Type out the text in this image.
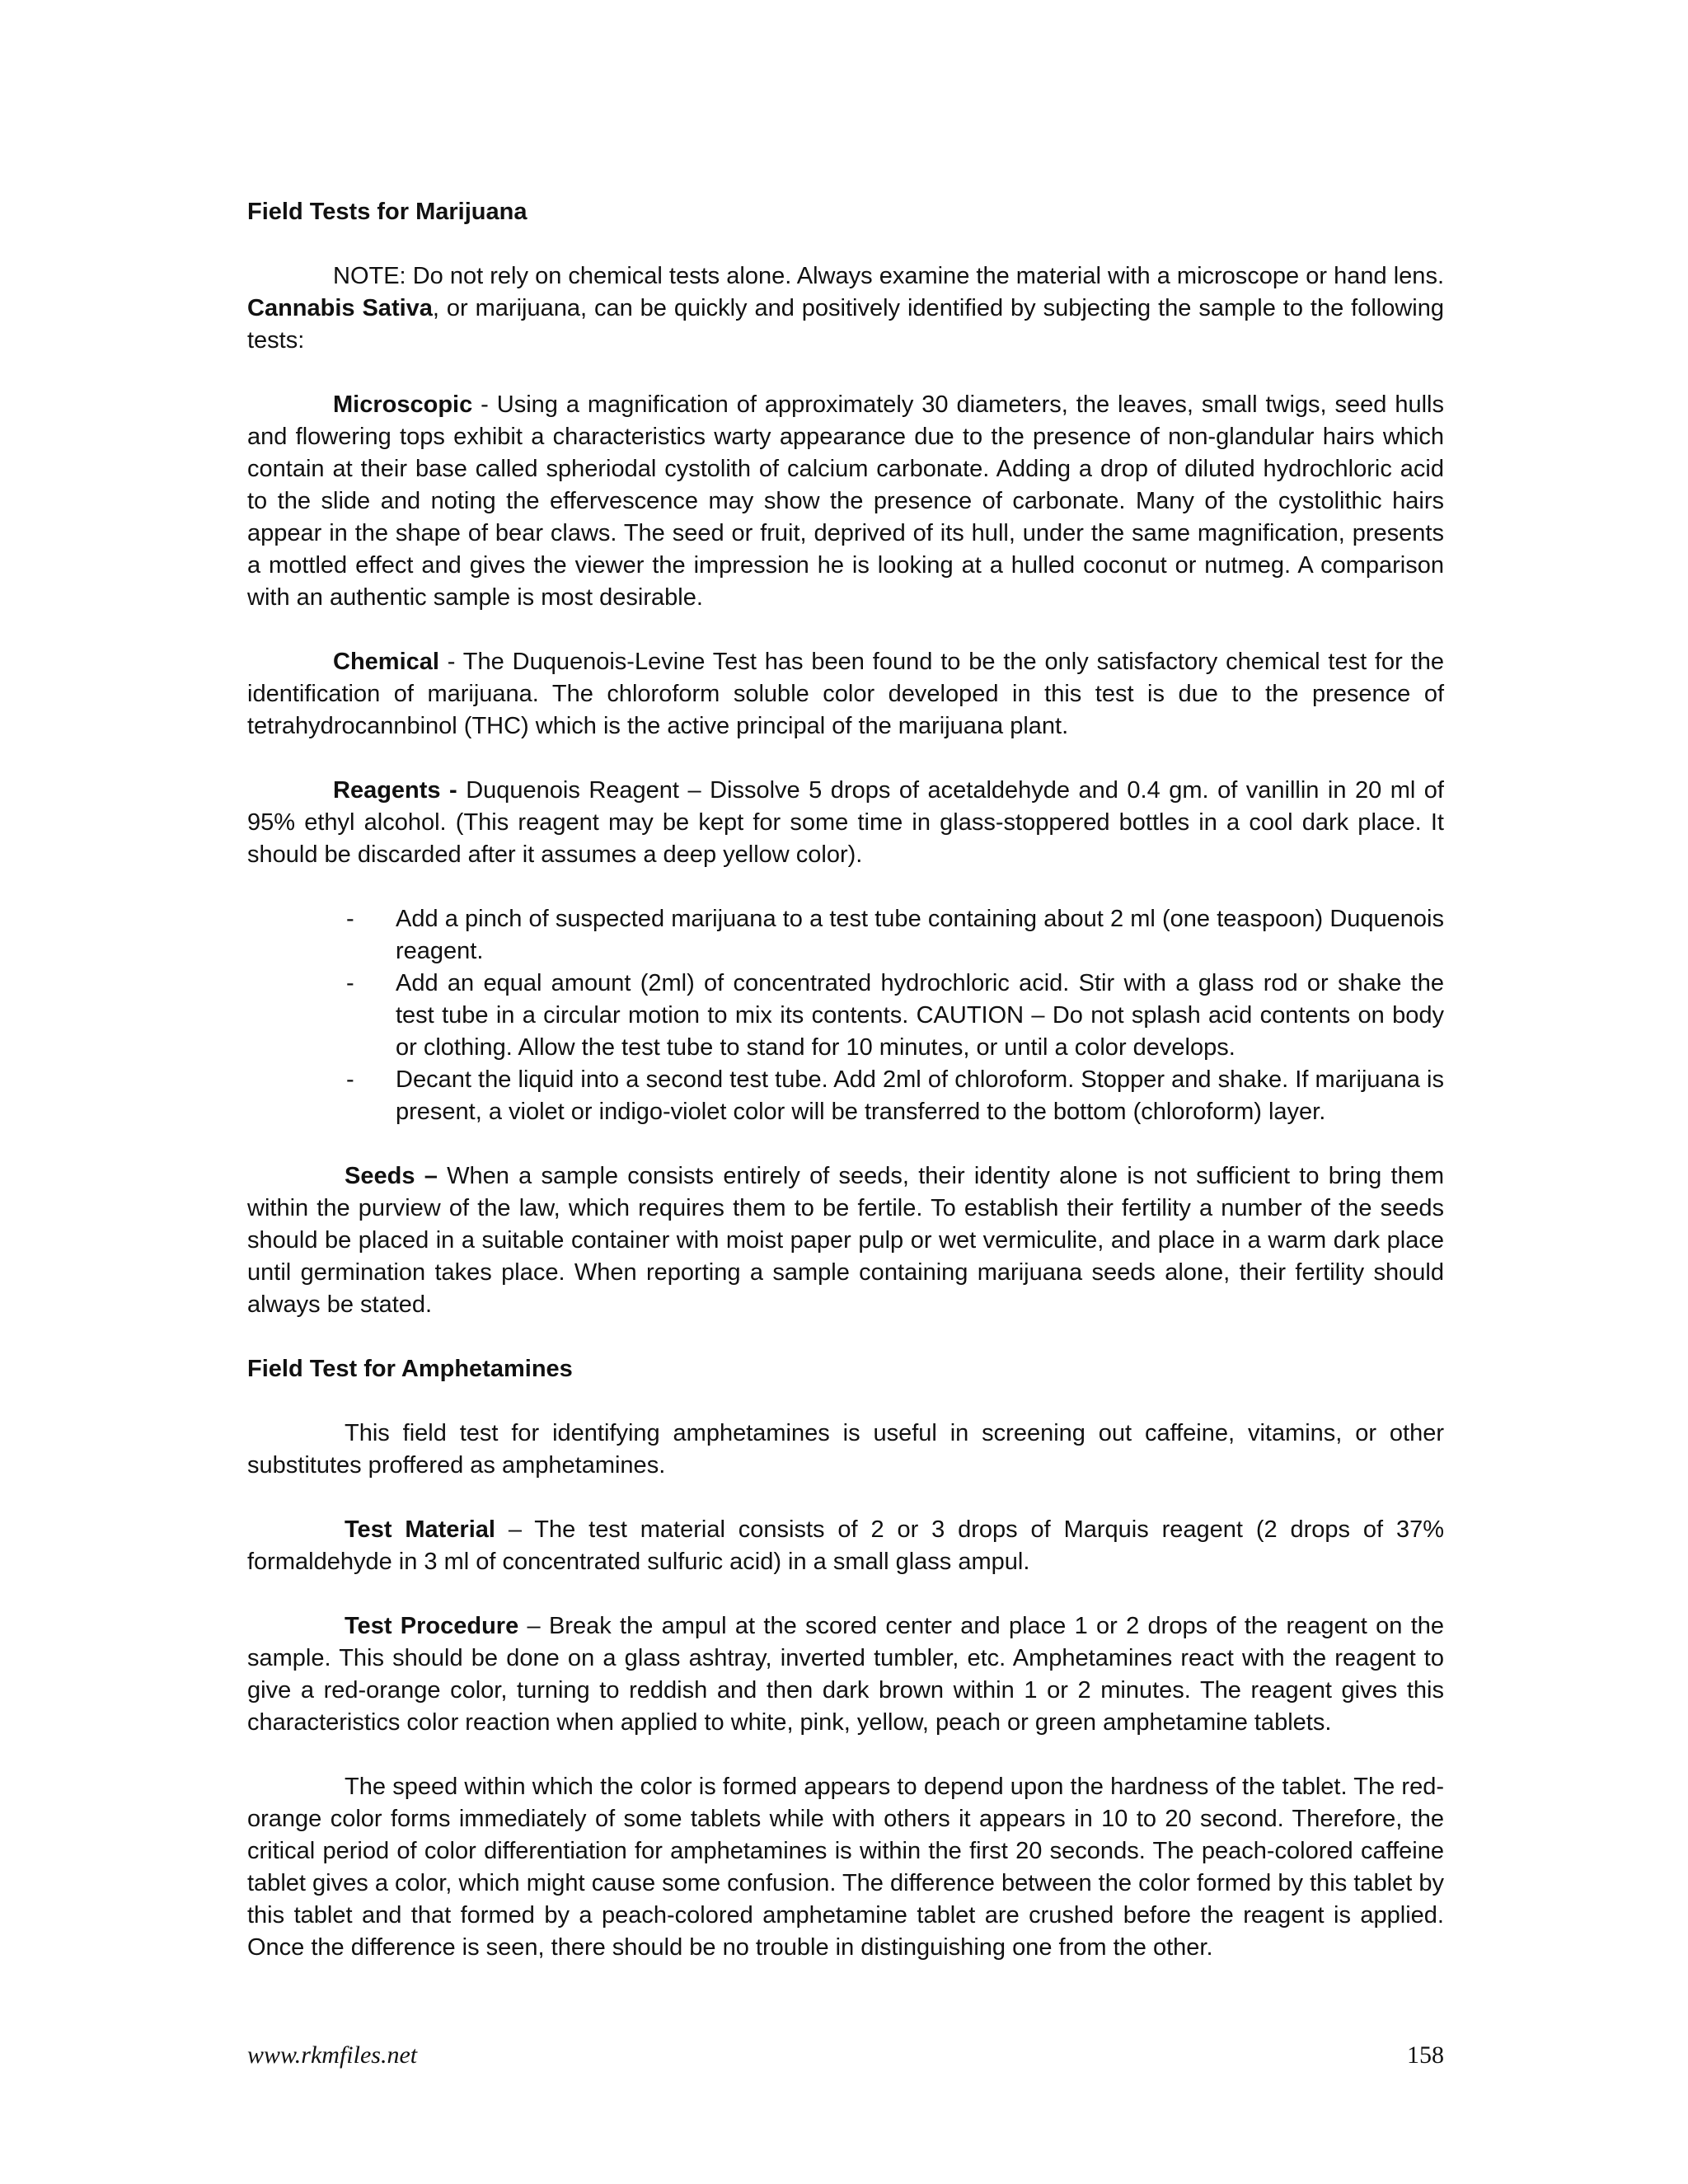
Field Tests for Marijuana

NOTE: Do not rely on chemical tests alone. Always examine the material with a microscope or hand lens. Cannabis Sativa, or marijuana, can be quickly and positively identified by subjecting the sample to the following tests:

Microscopic - Using a magnification of approximately 30 diameters, the leaves, small twigs, seed hulls and flowering tops exhibit a characteristics warty appearance due to the presence of non-glandular hairs which contain at their base called spheriodal cystolith of calcium carbonate. Adding a drop of diluted hydrochloric acid to the slide and noting the effervescence may show the presence of carbonate. Many of the cystolithic hairs appear in the shape of bear claws. The seed or fruit, deprived of its hull, under the same magnification, presents a mottled effect and gives the viewer the impression he is looking at a hulled coconut or nutmeg. A comparison with an authentic sample is most desirable.

Chemical - The Duquenois-Levine Test has been found to be the only satisfactory chemical test for the identification of marijuana. The chloroform soluble color developed in this test is due to the presence of tetrahydrocannbinol (THC) which is the active principal of the marijuana plant.

Reagents - Duquenois Reagent – Dissolve 5 drops of acetaldehyde and 0.4 gm. of vanillin in 20 ml of 95% ethyl alcohol. (This reagent may be kept for some time in glass-stoppered bottles in a cool dark place. It should be discarded after it assumes a deep yellow color).

- Add a pinch of suspected marijuana to a test tube containing about 2 ml (one teaspoon) Duquenois reagent.
- Add an equal amount (2ml) of concentrated hydrochloric acid. Stir with a glass rod or shake the test tube in a circular motion to mix its contents. CAUTION – Do not splash acid contents on body or clothing. Allow the test tube to stand for 10 minutes, or until a color develops.
- Decant the liquid into a second test tube. Add 2ml of chloroform. Stopper and shake. If marijuana is present, a violet or indigo-violet color will be transferred to the bottom (chloroform) layer.

Seeds – When a sample consists entirely of seeds, their identity alone is not sufficient to bring them within the purview of the law, which requires them to be fertile. To establish their fertility a number of the seeds should be placed in a suitable container with moist paper pulp or wet vermiculite, and place in a warm dark place until germination takes place. When reporting a sample containing marijuana seeds alone, their fertility should always be stated.

Field Test for Amphetamines

This field test for identifying amphetamines is useful in screening out caffeine, vitamins, or other substitutes proffered as amphetamines.

Test Material – The test material consists of 2 or 3 drops of Marquis reagent (2 drops of 37% formaldehyde in 3 ml of concentrated sulfuric acid) in a small glass ampul.

Test Procedure – Break the ampul at the scored center and place 1 or 2 drops of the reagent on the sample. This should be done on a glass ashtray, inverted tumbler, etc. Amphetamines react with the reagent to give a red-orange color, turning to reddish and then dark brown within 1 or 2 minutes. The reagent gives this characteristics color reaction when applied to white, pink, yellow, peach or green amphetamine tablets.

The speed within which the color is formed appears to depend upon the hardness of the tablet. The red-orange color forms immediately of some tablets while with others it appears in 10 to 20 second. Therefore, the critical period of color differentiation for amphetamines is within the first 20 seconds. The peach-colored caffeine tablet gives a color, which might cause some confusion. The difference between the color formed by this tablet by this tablet and that formed by a peach-colored amphetamine tablet are crushed before the reagent is applied. Once the difference is seen, there should be no trouble in distinguishing one from the other.

www.rkmfiles.net	158
